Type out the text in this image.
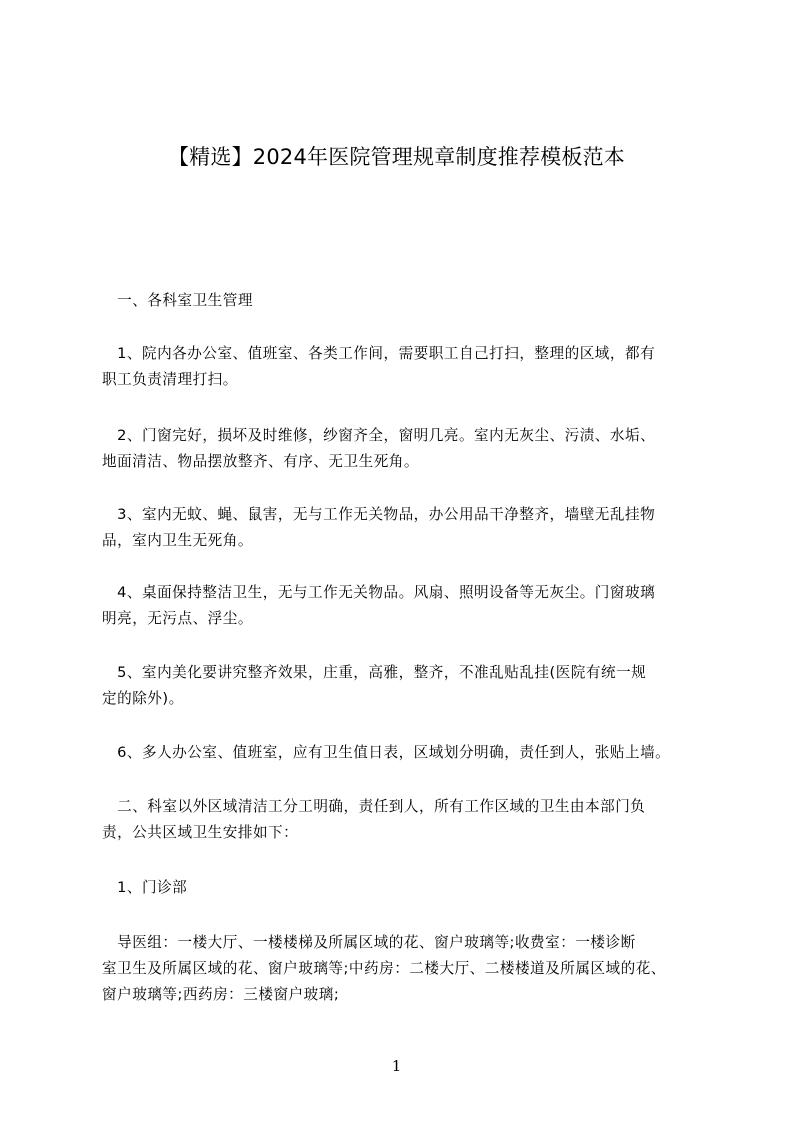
【精选】2024年医院管理规章制度推荐模板范本
　一、各科室卫生管理
　1、院内各办公室、值班室、各类工作间，需要职工自己打扫，整理的区域，都有
职工负责清理打扫。
　2、门窗完好，损坏及时维修，纱窗齐全，窗明几亮。室内无灰尘、污渍、水垢、
地面清洁、物品摆放整齐、有序、无卫生死角。
　3、室内无蚊、蝇、鼠害，无与工作无关物品，办公用品干净整齐，墙壁无乱挂物
品，室内卫生无死角。
　4、桌面保持整洁卫生，无与工作无关物品。风扇、照明设备等无灰尘。门窗玻璃
明亮，无污点、浮尘。
　5、室内美化要讲究整齐效果，庄重，高雅，整齐，不准乱贴乱挂(医院有统一规
定的除外)。
　6、多人办公室、值班室，应有卫生值日表，区域划分明确，责任到人，张贴上墙。
　二、科室以外区域清洁工分工明确，责任到人，所有工作区域的卫生由本部门负
责，公共区域卫生安排如下：
　1、门诊部
　导医组：一楼大厅、一楼楼梯及所属区域的花、窗户玻璃等;收费室：一楼诊断
室卫生及所属区域的花、窗户玻璃等;中药房：二楼大厅、二楼楼道及所属区域的花、
窗户玻璃等;西药房：三楼窗户玻璃;
1
